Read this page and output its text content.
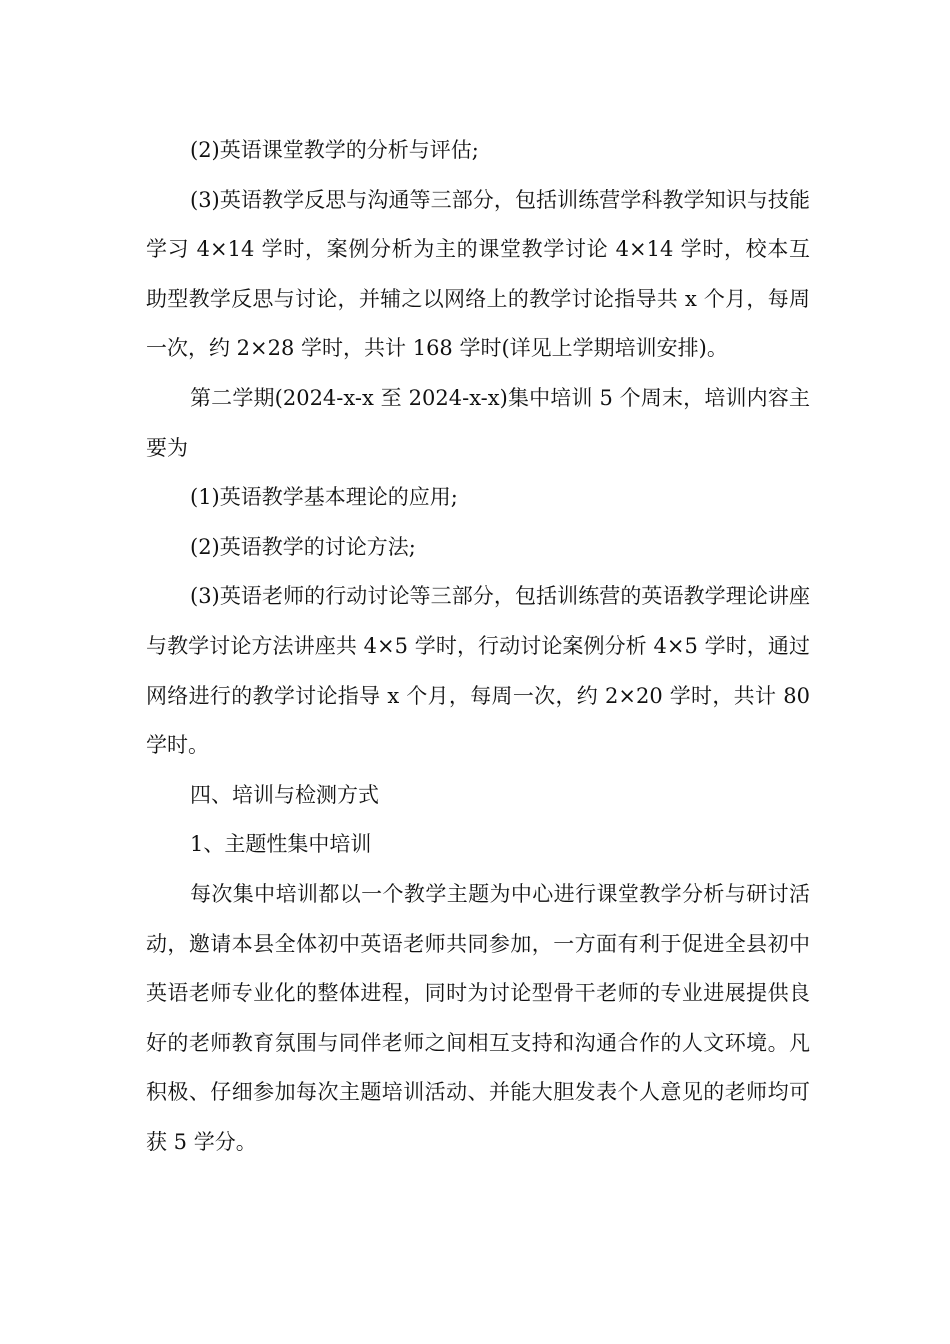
(2)英语课堂教学的分析与评估;

(3)英语教学反思与沟通等三部分，包括训练营学科教学知识与技能学习 4×14 学时，案例分析为主的课堂教学讨论 4×14 学时，校本互助型教学反思与讨论，并辅之以网络上的教学讨论指导共 x 个月，每周一次，约 2×28 学时，共计 168 学时(详见上学期培训安排)。

第二学期(2024-x-x 至 2024-x-x)集中培训 5 个周末，培训内容主要为

(1)英语教学基本理论的应用;

(2)英语教学的讨论方法;

(3)英语老师的行动讨论等三部分，包括训练营的英语教学理论讲座与教学讨论方法讲座共 4×5 学时，行动讨论案例分析 4×5 学时，通过网络进行的教学讨论指导 x 个月，每周一次，约 2×20 学时，共计 80 学时。

四、培训与检测方式

1、主题性集中培训

每次集中培训都以一个教学主题为中心进行课堂教学分析与研讨活动，邀请本县全体初中英语老师共同参加，一方面有利于促进全县初中英语老师专业化的整体进程，同时为讨论型骨干老师的专业进展提供良好的老师教育氛围与同伴老师之间相互支持和沟通合作的人文环境。凡积极、仔细参加每次主题培训活动、并能大胆发表个人意见的老师均可获 5 学分。
